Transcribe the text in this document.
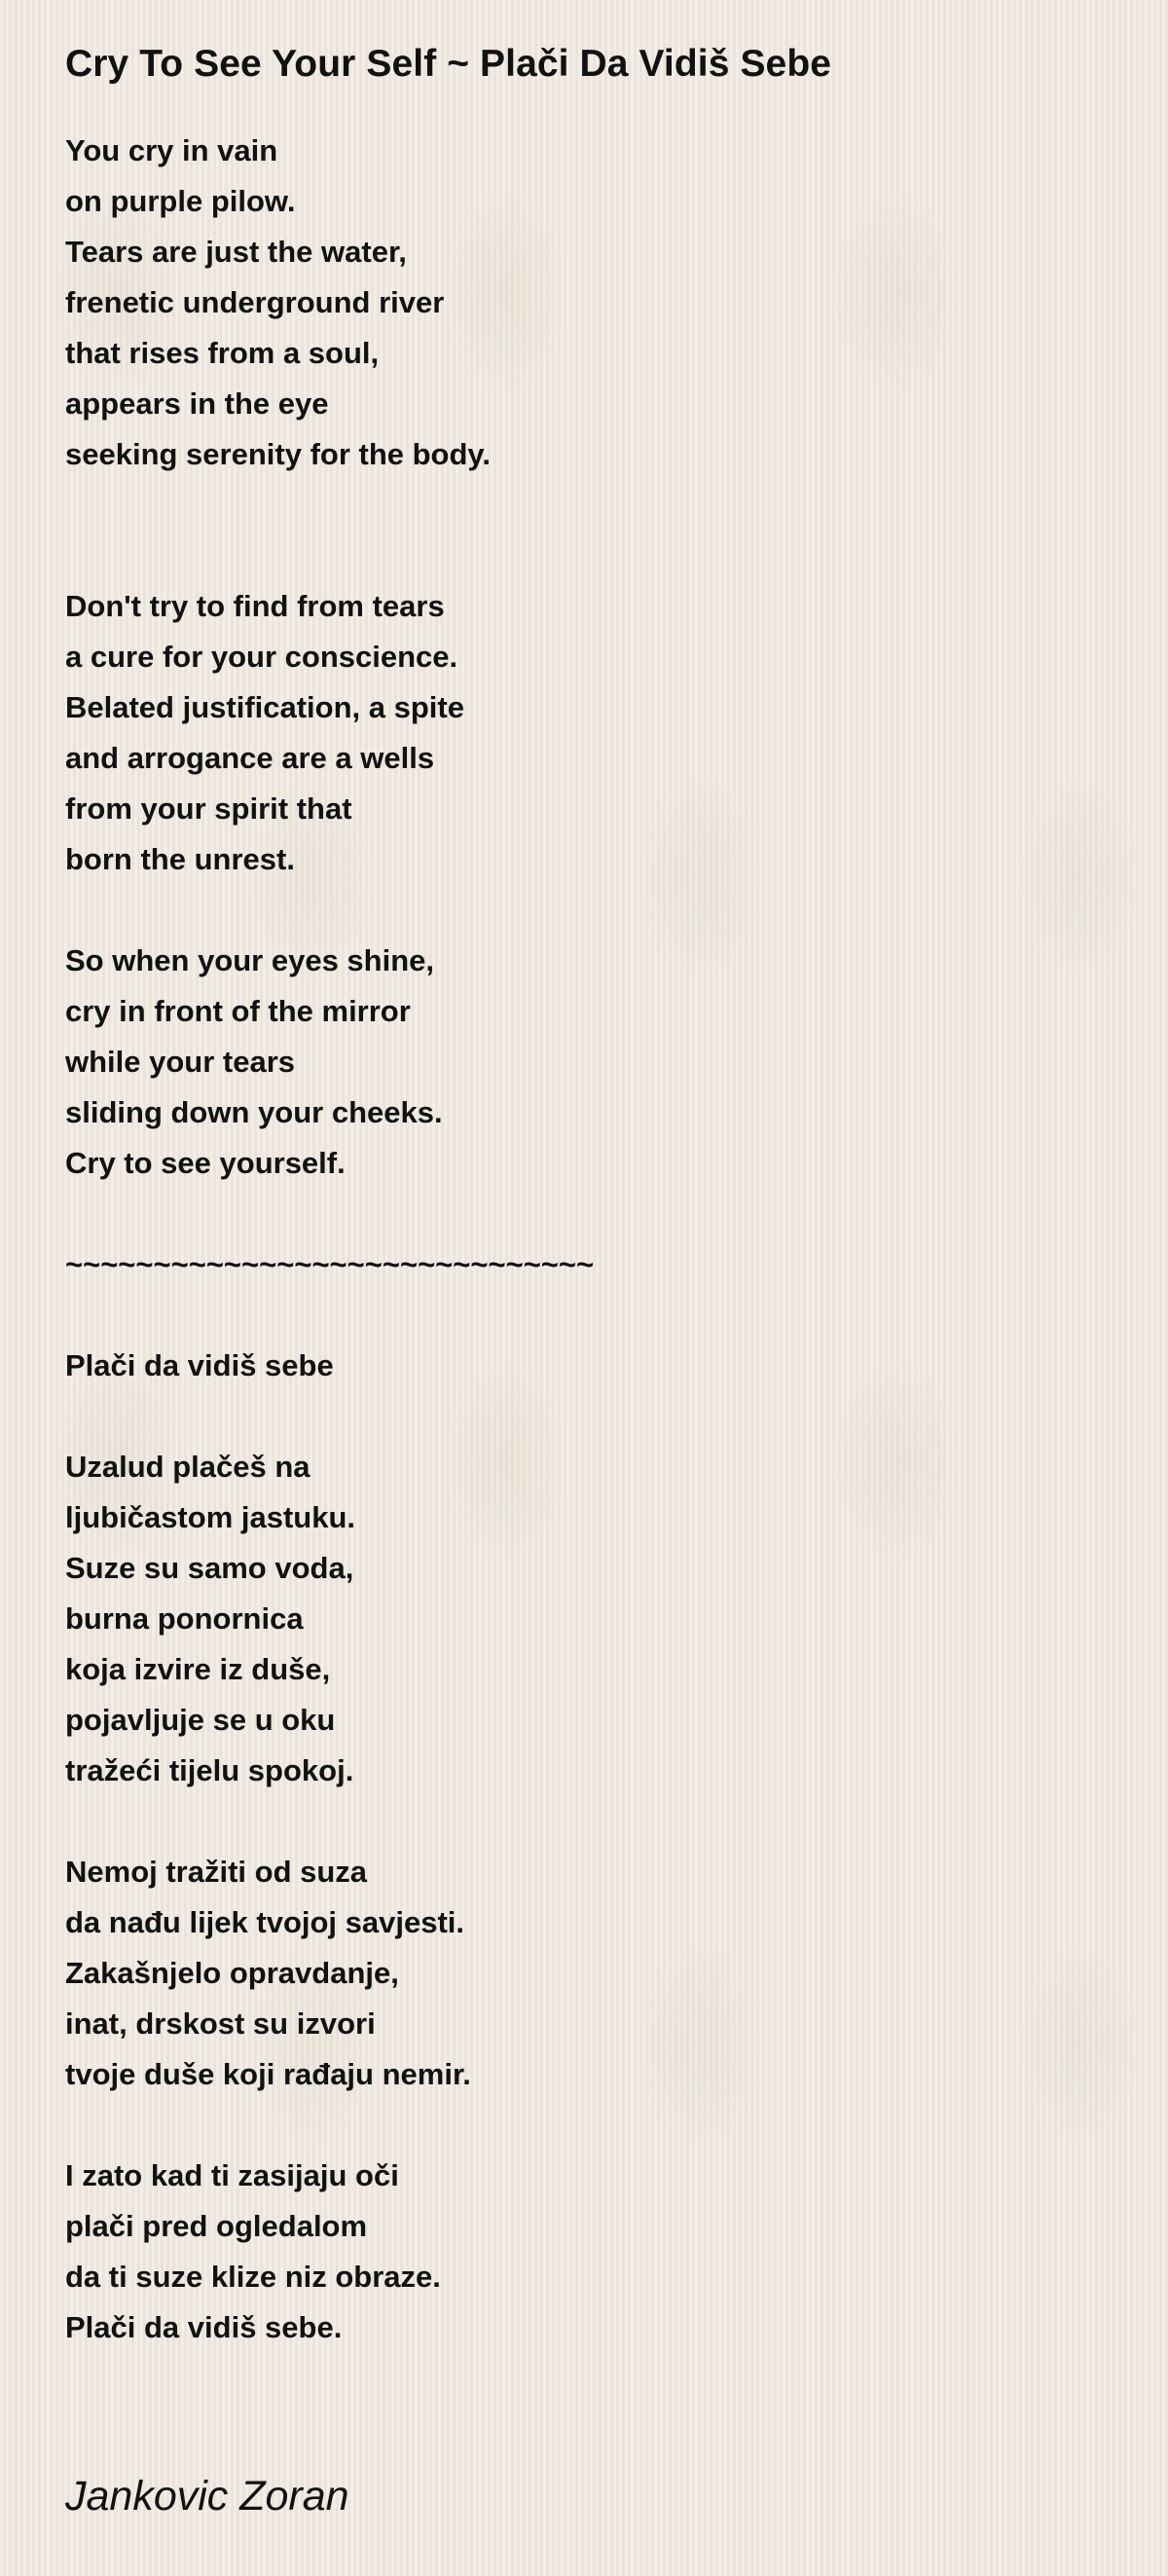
Cry To See Your Self ~ Plači Da Vidiš Sebe
You cry in vain
on purple pilow.
Tears are just the water,
frenetic underground river
that rises from a soul,
appears in the eye
seeking serenity for the body.
Don't try to find from tears
a cure for your conscience.
Belated justification, a spite
and arrogance are a wells
from your spirit that
born the unrest.
So when your eyes shine,
cry in front of the mirror
while your tears
sliding down your cheeks.
Cry to see yourself.
~~~~~~~~~~~~~~~~~~~~~~~~~~~~~~
Plači da vidiš sebe
Uzalud plačeš na
ljubičastom jastuku.
Suze su samo voda,
burna ponornica
koja izvire iz duše,
pojavljuje se u oku
tražeći tijelu spokoj.
Nemoj tražiti od suza
da nađu lijek tvojoj savjesti.
Zakašnjelo opravdanje,
inat, drskost su izvori
tvoje duše koji rađaju nemir.
I zato kad ti zasijaju oči
plači pred ogledalom
da ti suze klize niz obraze.
Plači da vidiš sebe.
Jankovic Zoran
